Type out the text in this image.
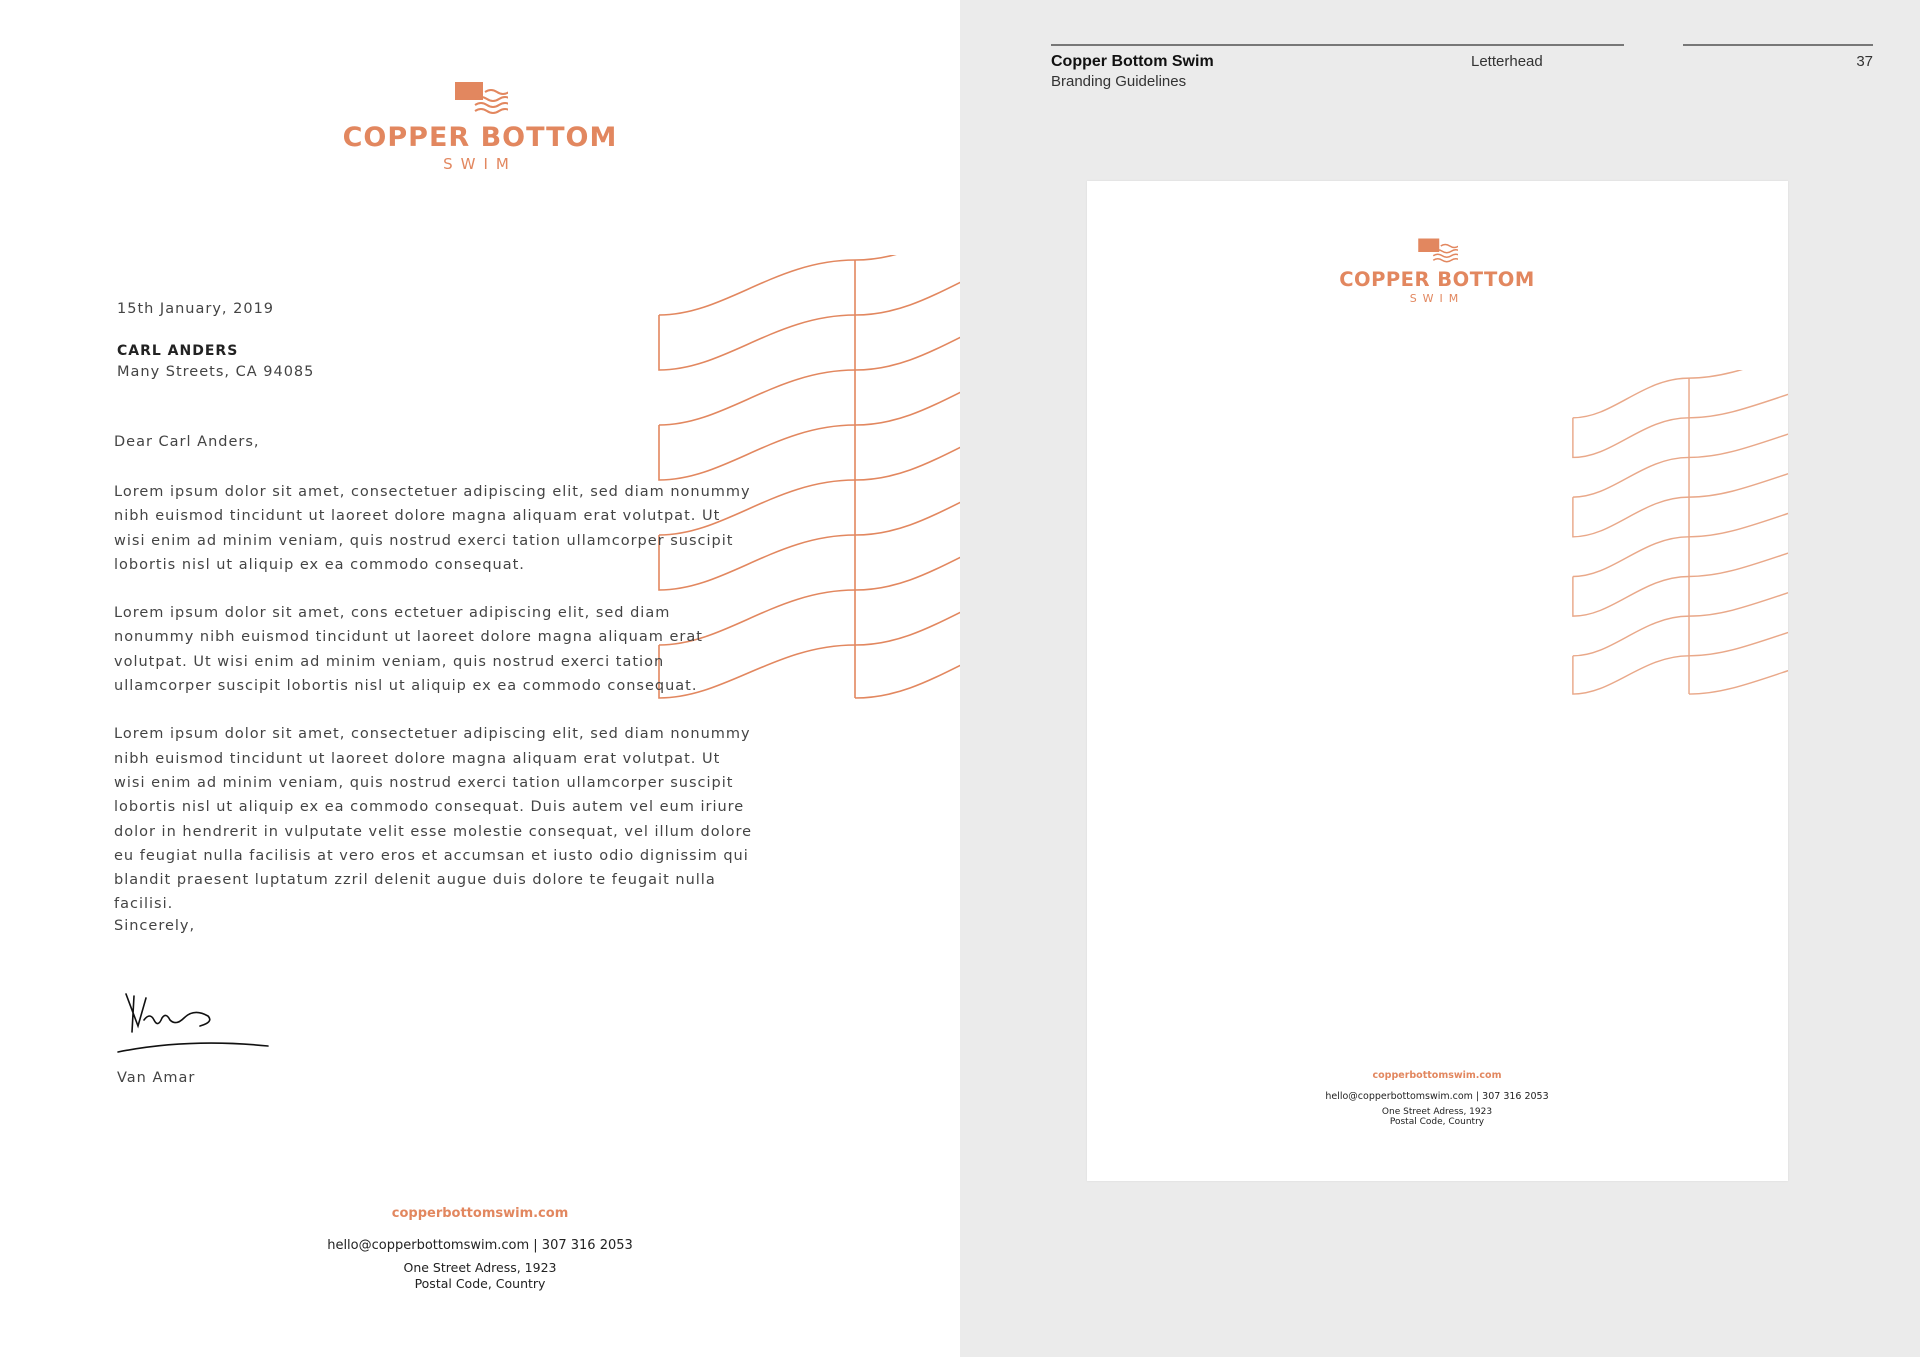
COPPER BOTTOM
SWIM
15th January, 2019
CARL ANDERS
Many Streets, CA 94085
Dear Carl Anders,

Lorem ipsum dolor sit amet, consectetuer adipiscing elit, sed diam nonummy nibh euismod tincidunt ut laoreet dolore magna aliquam erat volutpat. Ut wisi enim ad minim veniam, quis nostrud exerci tation ullamcorper suscipit lobortis nisl ut aliquip ex ea commodo consequat.

Lorem ipsum dolor sit amet, cons ectetuer adipiscing elit, sed diam nonummy nibh euismod tincidunt ut laoreet dolore magna aliquam erat volutpat. Ut wisi enim ad minim veniam, quis nostrud exerci tation ullamcorper suscipit lobortis nisl ut aliquip ex ea commodo consequat.

Lorem ipsum dolor sit amet, consectetuer adipiscing elit, sed diam nonummy nibh euismod tincidunt ut laoreet dolore magna aliquam erat volutpat. Ut wisi enim ad minim veniam, quis nostrud exerci tation ullamcorper suscipit lobortis nisl ut aliquip ex ea commodo consequat. Duis autem vel eum iriure dolor in hendrerit in vulputate velit esse molestie consequat, vel illum dolore eu feugiat nulla facilisis at vero eros et accumsan et iusto odio dignissim qui blandit praesent luptatum zzril delenit augue duis dolore te feugait nulla facilisi.

Sincerely,
Van Amar
copperbottomswim.com
hello@copperbottomswim.com | 307 316 2053
One Street Adress, 1923
Postal Code, Country
Copper Bottom Swim
Branding Guidelines
Letterhead	37
COPPER BOTTOM
SWIM
copperbottomswim.com
hello@copperbottomswim.com | 307 316 2053
One Street Adress, 1923
Postal Code, Country
